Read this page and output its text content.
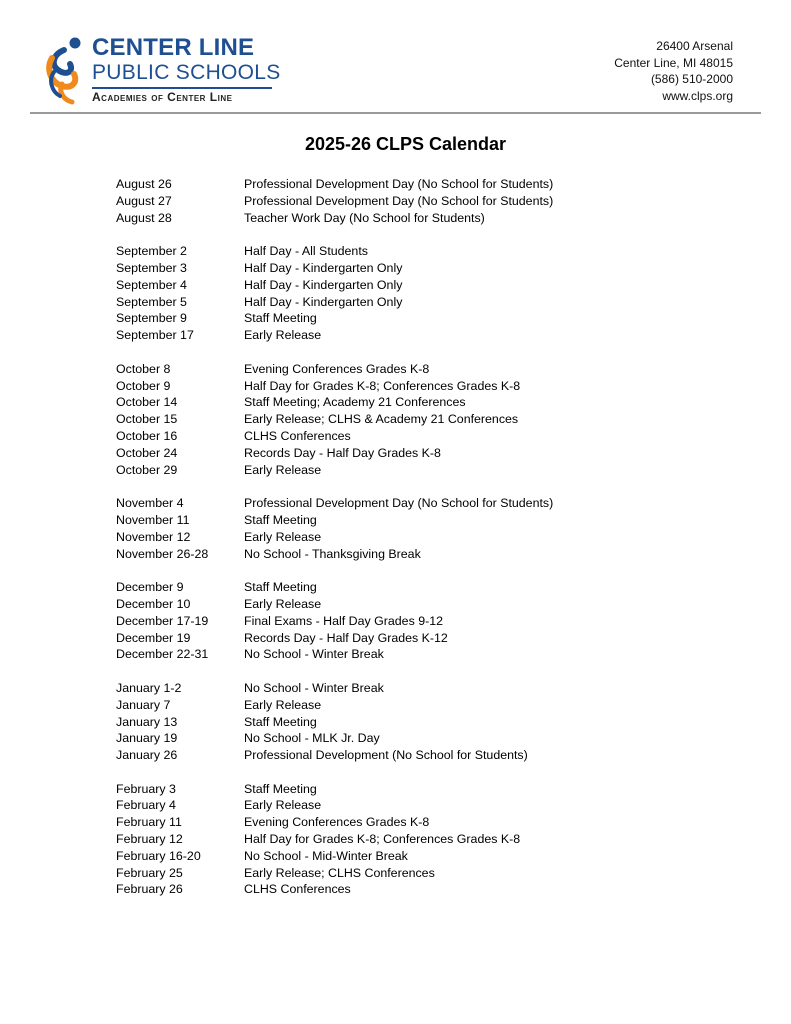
CENTER LINE
PUBLIC SCHOOLS
Academies of Center Line
26400 Arsenal
Center Line, MI 48015
(586) 510-2000
www.clps.org
2025-26 CLPS Calendar
August 26	Professional Development Day (No School for Students)
August 27	Professional Development Day (No School for Students)
August 28	Teacher Work Day (No School for Students)
September 2	Half Day - All Students
September 3	Half Day - Kindergarten Only
September 4	Half Day - Kindergarten Only
September 5	Half Day - Kindergarten Only
September 9	Staff Meeting
September 17	Early Release
October 8	Evening Conferences Grades K-8
October 9	Half Day for Grades K-8; Conferences Grades K-8
October 14	Staff Meeting; Academy 21 Conferences
October 15	Early Release; CLHS & Academy 21 Conferences
October 16	CLHS Conferences
October 24	Records Day - Half Day Grades K-8
October 29	Early Release
November 4	Professional Development Day (No School for Students)
November 11	Staff Meeting
November 12	Early Release
November 26-28	No School - Thanksgiving Break
December 9	Staff Meeting
December 10	Early Release
December 17-19	Final Exams - Half Day Grades 9-12
December 19	Records Day - Half Day Grades K-12
December 22-31	No School - Winter Break
January 1-2	No School - Winter Break
January 7	Early Release
January 13	Staff Meeting
January 19	No School - MLK Jr. Day
January 26	Professional Development (No School for Students)
February 3	Staff Meeting
February 4	Early Release
February 11	Evening Conferences Grades K-8
February 12	Half Day for Grades K-8; Conferences Grades K-8
February 16-20	No School - Mid-Winter Break
February 25	Early Release; CLHS Conferences
February 26	CLHS Conferences
